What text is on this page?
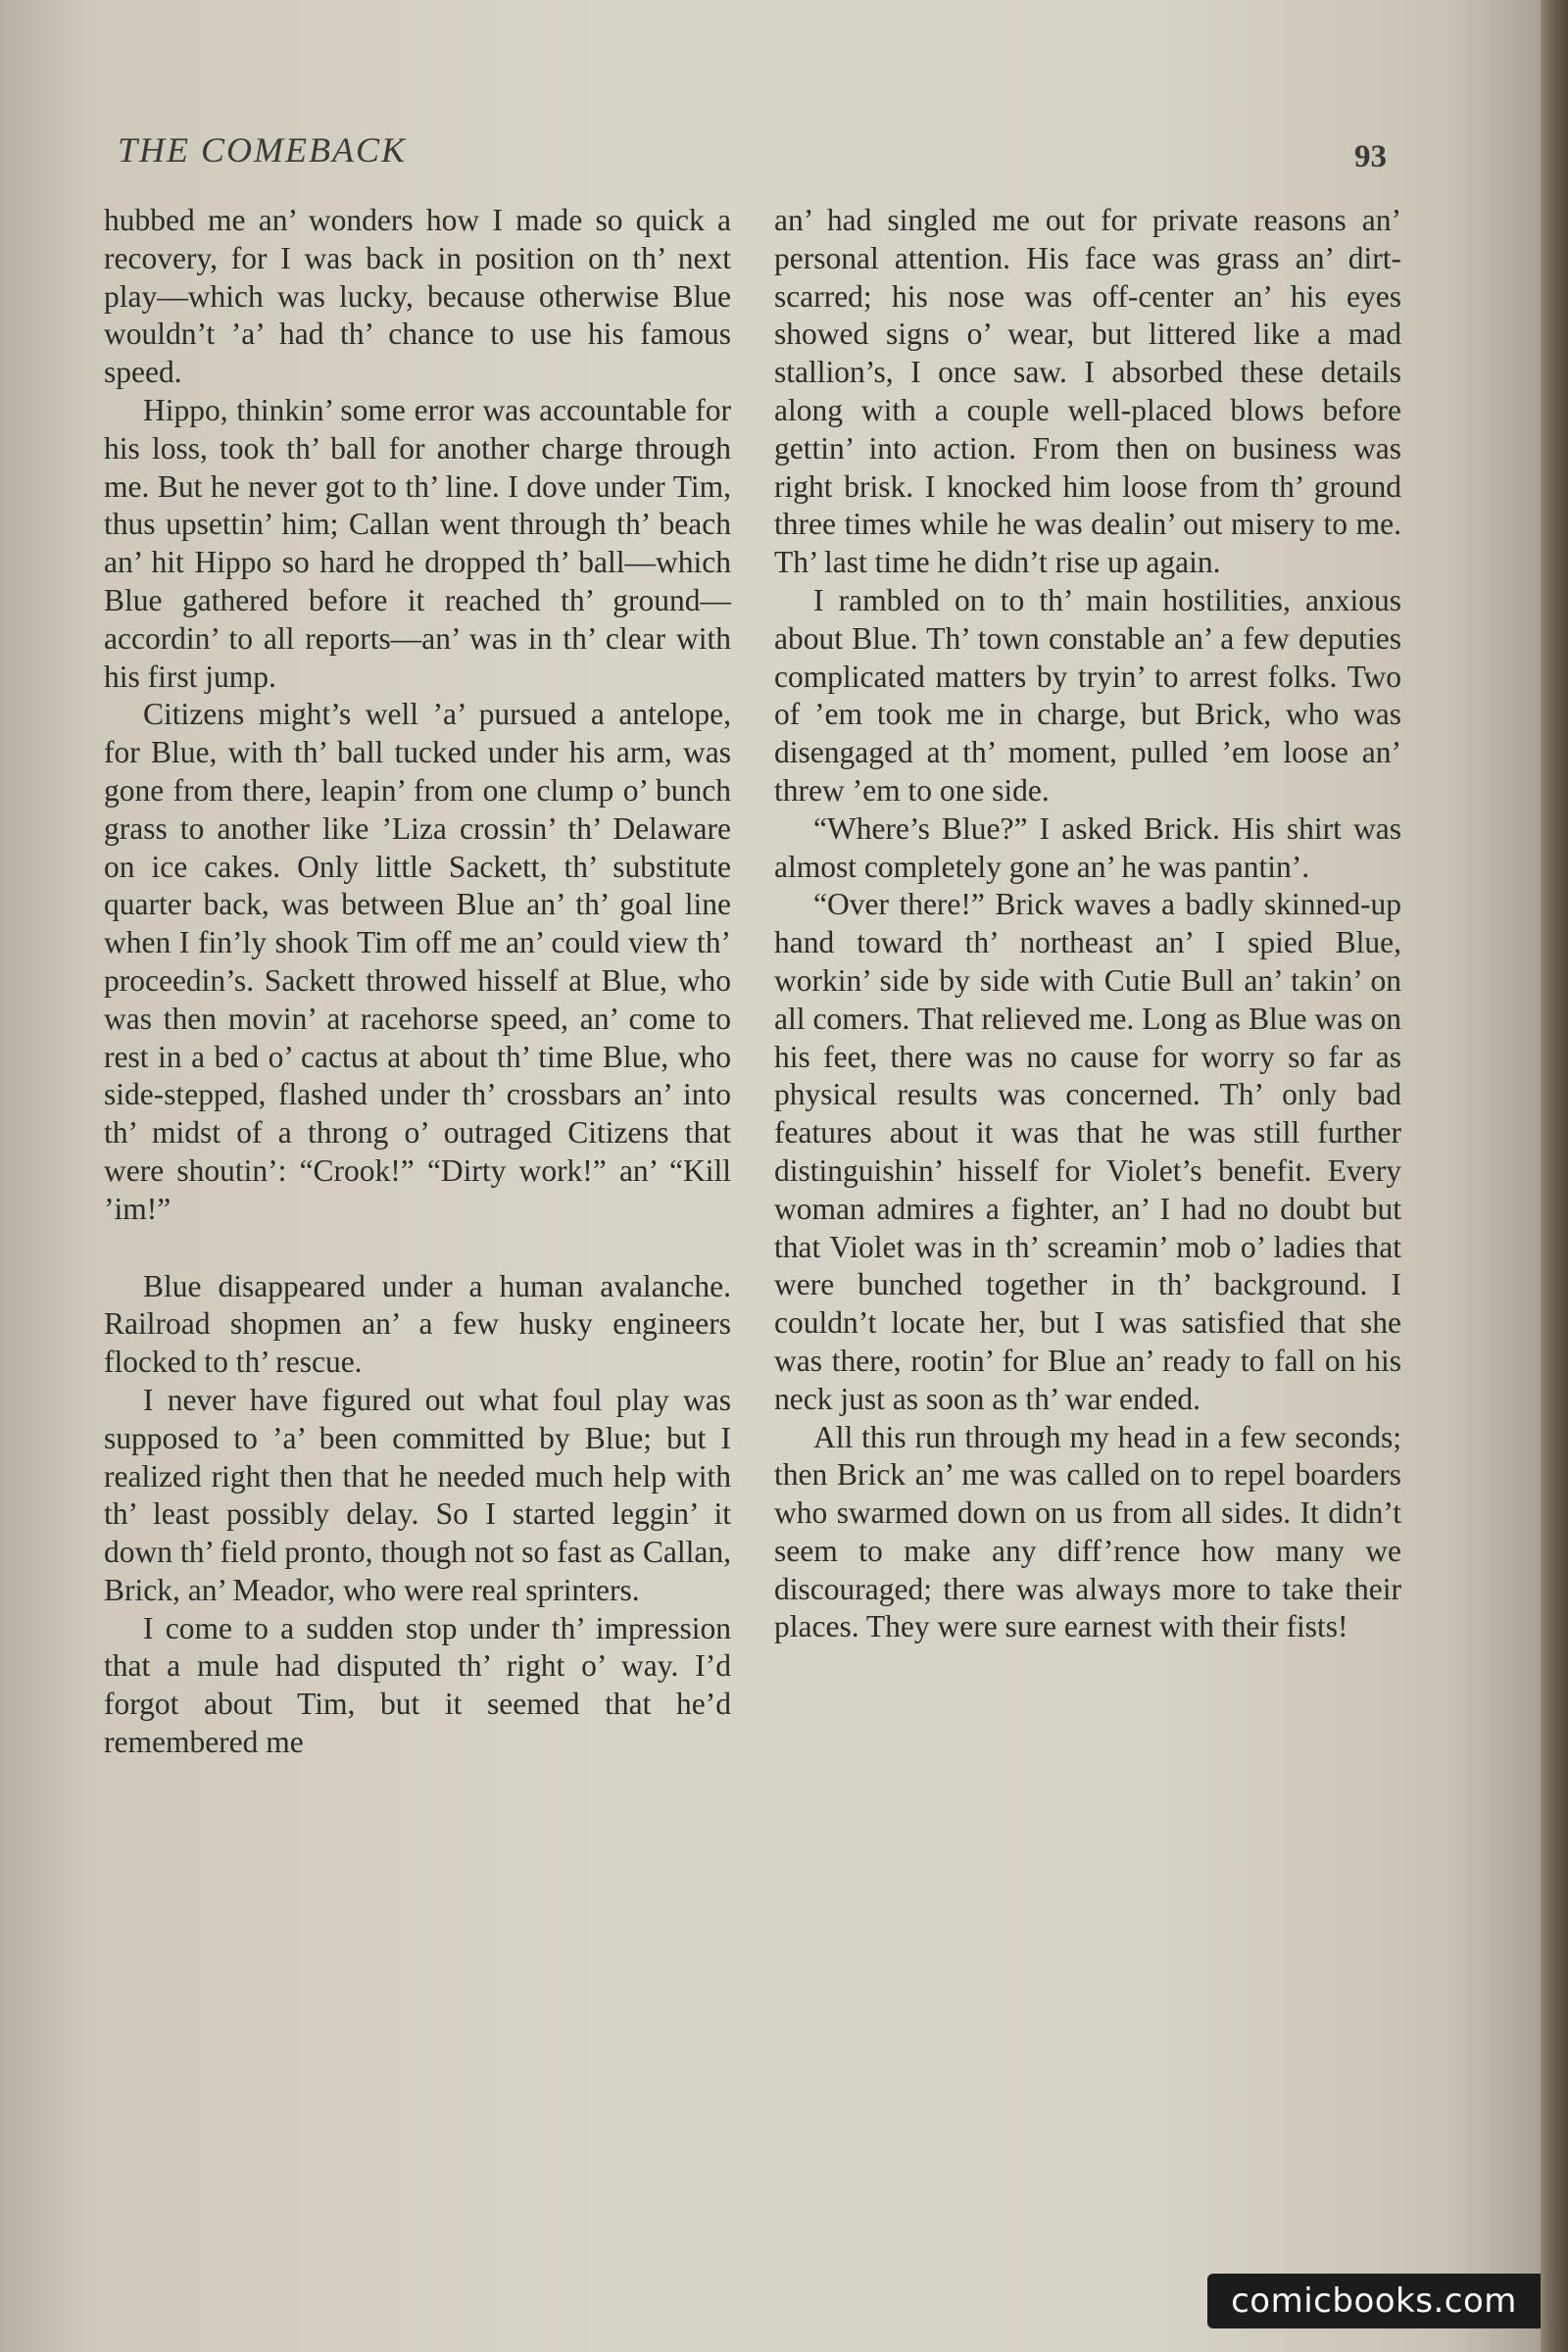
THE COMEBACK	93

hubbed me an’ wonders how I made so quick a recovery, for I was back in position on th’ next play—which was lucky, because otherwise Blue wouldn’t ’a’ had th’ chance to use his famous speed.

Hippo, thinkin’ some error was accountable for his loss, took th’ ball for another charge through me. But he never got to th’ line. I dove under Tim, thus upsettin’ him; Callan went through th’ beach an’ hit Hippo so hard he dropped th’ ball—which Blue gathered before it reached th’ ground—accordin’ to all reports—an’ was in th’ clear with his first jump.

Citizens might’s well ’a’ pursued a antelope, for Blue, with th’ ball tucked under his arm, was gone from there, leapin’ from one clump o’ bunch grass to another like ’Liza crossin’ th’ Delaware on ice cakes. Only little Sackett, th’ substitute quarter back, was between Blue an’ th’ goal line when I fin’ly shook Tim off me an’ could view th’ proceedin’s. Sackett throwed hisself at Blue, who was then movin’ at racehorse speed, an’ come to rest in a bed o’ cactus at about th’ time Blue, who side-stepped, flashed under th’ crossbars an’ into th’ midst of a throng o’ outraged Citizens that were shoutin’: “Crook!” “Dirty work!” an’ “Kill ’im!”

Blue disappeared under a human avalanche. Railroad shopmen an’ a few husky engineers flocked to th’ rescue.

I never have figured out what foul play was supposed to ’a’ been committed by Blue; but I realized right then that he needed much help with th’ least possibly delay. So I started leggin’ it down th’ field pronto, though not so fast as Callan, Brick, an’ Meador, who were real sprinters.

I come to a sudden stop under th’ impression that a mule had disputed th’ right o’ way. I’d forgot about Tim, but it seemed that he’d remembered me

an’ had singled me out for private reasons an’ personal attention. His face was grass an’ dirt-scarred; his nose was off-center an’ his eyes showed signs o’ wear, but littered like a mad stallion’s, I once saw. I absorbed these details along with a couple well-placed blows before gettin’ into action. From then on business was right brisk. I knocked him loose from th’ ground three times while he was dealin’ out misery to me. Th’ last time he didn’t rise up again.

I rambled on to th’ main hostilities, anxious about Blue. Th’ town constable an’ a few deputies complicated matters by tryin’ to arrest folks. Two of ’em took me in charge, but Brick, who was disengaged at th’ moment, pulled ’em loose an’ threw ’em to one side.

“Where’s Blue?” I asked Brick. His shirt was almost completely gone an’ he was pantin’.

“Over there!” Brick waves a badly skinned-up hand toward th’ northeast an’ I spied Blue, workin’ side by side with Cutie Bull an’ takin’ on all comers. That relieved me. Long as Blue was on his feet, there was no cause for worry so far as physical results was concerned. Th’ only bad features about it was that he was still further distinguishin’ hisself for Violet’s benefit. Every woman admires a fighter, an’ I had no doubt but that Violet was in th’ screamin’ mob o’ ladies that were bunched together in th’ background. I couldn’t locate her, but I was satisfied that she was there, rootin’ for Blue an’ ready to fall on his neck just as soon as th’ war ended.

All this run through my head in a few seconds; then Brick an’ me was called on to repel boarders who swarmed down on us from all sides. It didn’t seem to make any diff’rence how many we discouraged; there was always more to take their places. They were sure earnest with their fists!

comicbooks.com
